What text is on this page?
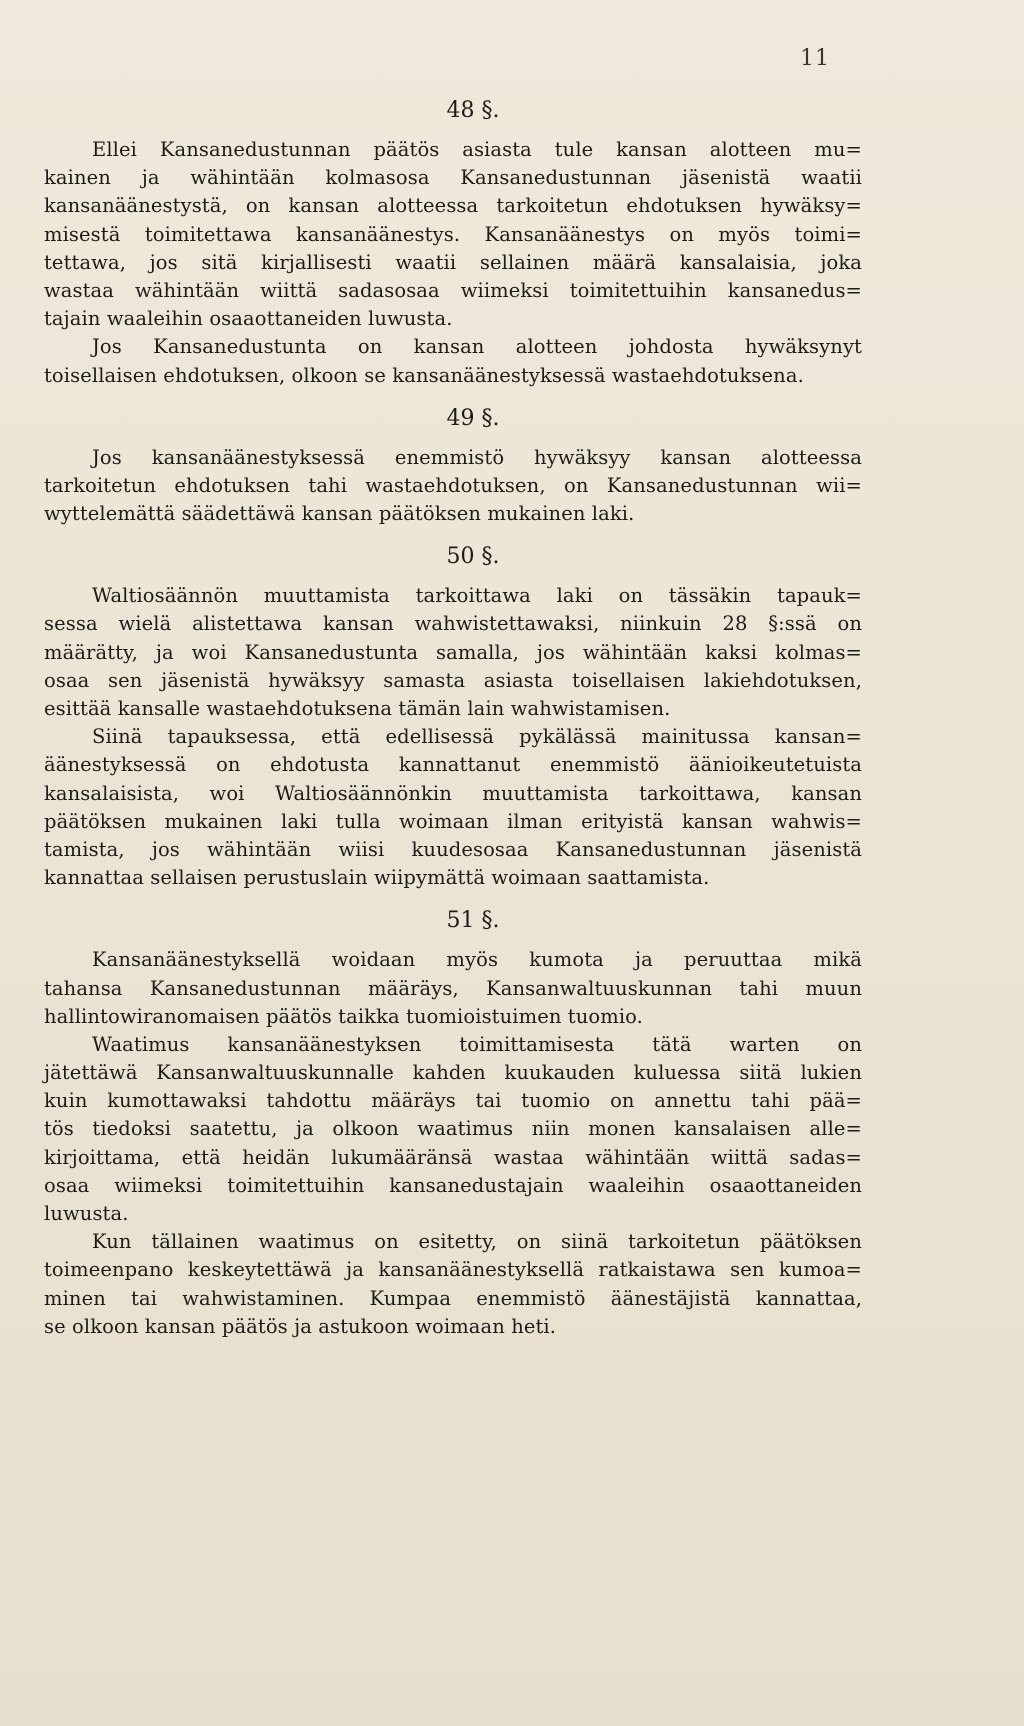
11
48 §.
Ellei Kansanedustunnan päätös asiasta tule kansan alotteen mu=
kainen ja wähintään kolmasosa Kansanedustunnan jäsenistä waatii
kansanäänestystä, on kansan alotteessa tarkoitetun ehdotuksen hywäksy=
misestä toimitettawa kansanäänestys. Kansanäänestys on myös toimi=
tettawa, jos sitä kirjallisesti waatii sellainen määrä kansalaisia, joka
wastaa wähintään wiittä sadasosaa wiimeksi toimitettuihin kansanedus=
tajain waaleihin osaaottaneiden luwusta.
Jos Kansanedustunta on kansan alotteen johdosta hywäksynyt
toisellaisen ehdotuksen, olkoon se kansanäänestyksessä wastaehdotuksena.
49 §.
Jos kansanäänestyksessä enemmistö hywäksyy kansan alotteessa
tarkoitetun ehdotuksen tahi wastaehdotuksen, on Kansanedustunnan wii=
wyttelemättä säädettäwä kansan päätöksen mukainen laki.
50 §.
Waltiosäännön muuttamista tarkoittawa laki on tässäkin tapauk=
sessa wielä alistettawa kansan wahwistettawaksi, niinkuin 28 §:ssä on
määrätty, ja woi Kansanedustunta samalla, jos wähintään kaksi kolmas=
osaa sen jäsenistä hywäksyy samasta asiasta toisellaisen lakiehdotuksen,
esittää kansalle wastaehdotuksena tämän lain wahwistamisen.
Siinä tapauksessa, että edellisessä pykälässä mainitussa kansan=
äänestyksessä on ehdotusta kannattanut enemmistö äänioikeutetuista
kansalaisista, woi Waltiosäännönkin muuttamista tarkoittawa, kansan
päätöksen mukainen laki tulla woimaan ilman erityistä kansan wahwis=
tamista, jos wähintään wiisi kuudesosaa Kansanedustunnan jäsenistä
kannattaa sellaisen perustuslain wiipymättä woimaan saattamista.
51 §.
Kansanäänestyksellä woidaan myös kumota ja peruuttaa mikä
tahansa Kansanedustunnan määräys, Kansanwaltuuskunnan tahi muun
hallintowiranomaisen päätös taikka tuomioistuimen tuomio.
Waatimus kansanäänestyksen toimittamisesta tätä warten on
jätettäwä Kansanwaltuuskunnalle kahden kuukauden kuluessa siitä lukien
kuin kumottawaksi tahdottu määräys tai tuomio on annettu tahi pää=
tös tiedoksi saatettu, ja olkoon waatimus niin monen kansalaisen alle=
kirjoittama, että heidän lukumääränsä wastaa wähintään wiittä sadas=
osaa wiimeksi toimitettuihin kansanedustajain waaleihin osaaottaneiden
luwusta.
Kun tällainen waatimus on esitetty, on siinä tarkoitetun päätöksen
toimeenpano keskeytettäwä ja kansanäänestyksellä ratkaistawa sen kumoa=
minen tai wahwistaminen. Kumpaa enemmistö äänestäjistä kannattaa,
se olkoon kansan päätös ja astukoon woimaan heti.
